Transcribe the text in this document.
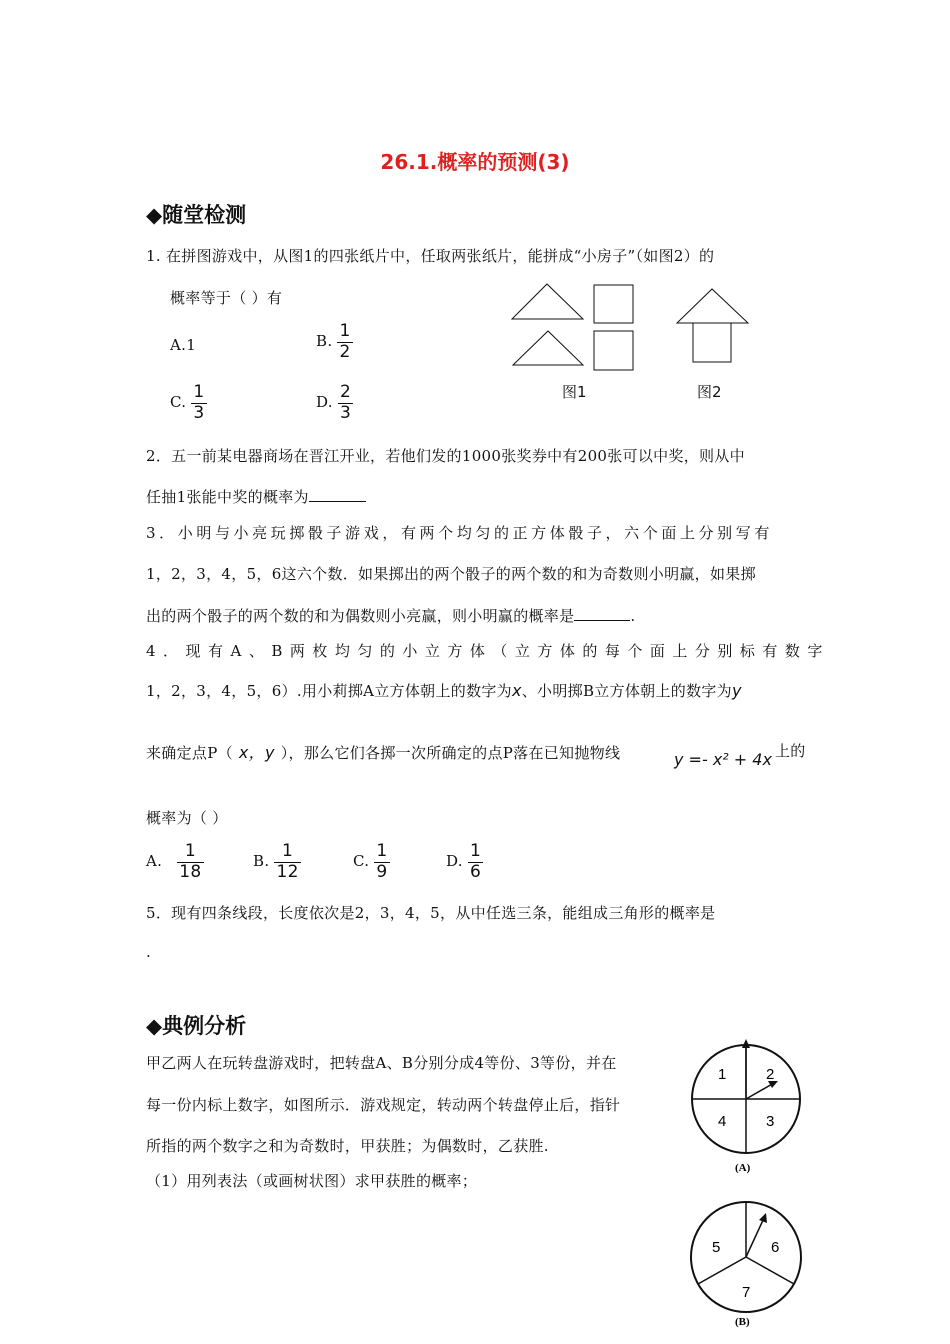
26.1.概率的预测(3)
◆随堂检测
1. 在拼图游戏中，从图1的四张纸片中，任取两张纸片，能拼成“小房子”（如图2）的
概率等于（ ）有
A.1	B. $\frac{1}{2}$
C. $\frac{1}{3}$	D. $\frac{2}{3}$	图1	图2
2．五一前某电器商场在晋江开业，若他们发的1000张奖券中有200张可以中奖，则从中
任抽1张能中奖的概率为
3．小明与小亮玩掷骰子游戏，有两个均匀的正方体骰子，六个面上分别写有
1，2，3，4，5，6这六个数．如果掷出的两个骰子的两个数的和为奇数则小明赢，如果掷
出的两个骰子的两个数的和为偶数则小亮赢，则小明赢的概率是	.
4．现有A、B两枚均匀的小立方体（立方体的每个面上分别标有数字
1，2，3，4，5，6）.用小莉掷A立方体朝上的数字为x、小明掷B立方体朝上的数字为y
来确定点P（ x，y ），那么它们各掷一次所确定的点P落在已知抛物线	y =- x² + 4x 上的
概率为（ ）
A. $\frac{1}{18}$	B. $\frac{1}{12}$	C. $\frac{1}{9}$	D. $\frac{1}{6}$
5．现有四条线段，长度依次是2，3，4，5，从中任选三条，能组成三角形的概率是
.
◆典例分析
甲乙两人在玩转盘游戏时，把转盘A、B分别分成4等份、3等份，并在
每一份内标上数字，如图所示．游戏规定，转动两个转盘停止后，指针
所指的两个数字之和为奇数时，甲获胜；为偶数时，乙获胜.
（1）用列表法（或画树状图）求甲获胜的概率；
1	2
4	3
(A)
5	6
7
(B)
